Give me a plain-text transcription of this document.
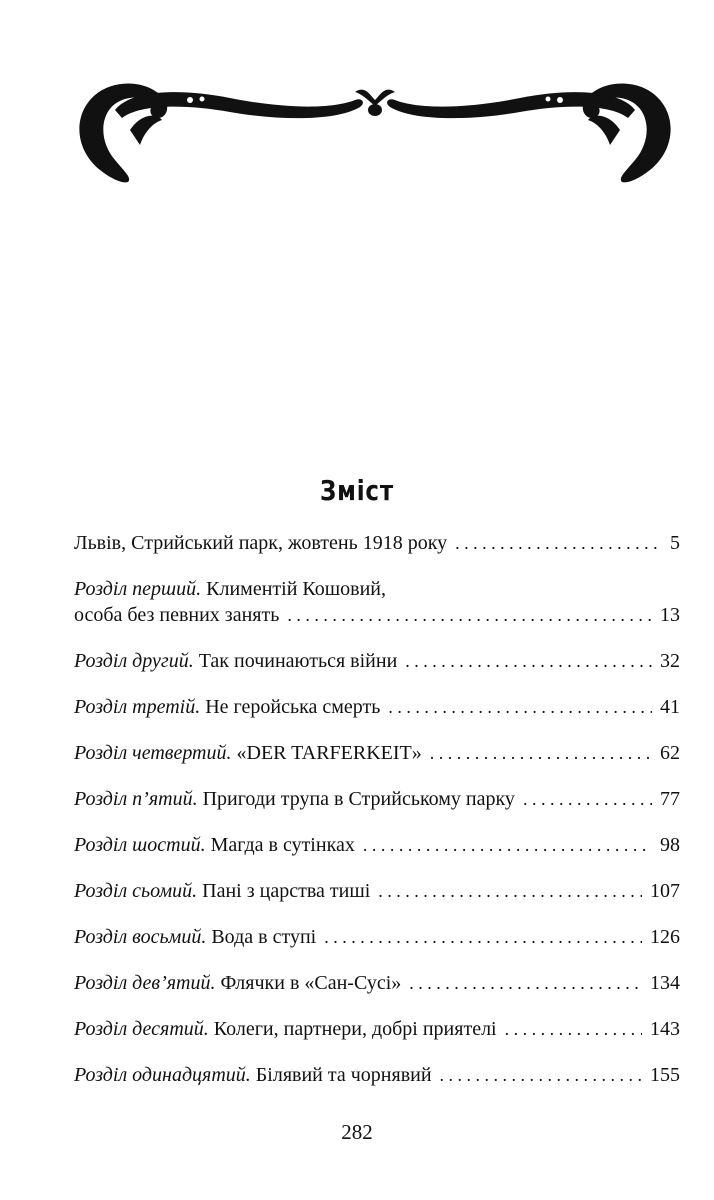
Зміст
Львів, Стрийський парк, жовтень 1918 року . . .	5
Розділ перший. Климентій Кошовий,
особа без певних занять . . .	13
Розділ другий. Так починаються війни . . .	32
Розділ третій. Не геройська смерть . . .	41
Розділ четвертий. «DER TARFERKEIT» . . .	62
Розділ п’ятий. Пригоди трупа в Стрийському парку . . .	77
Розділ шостий. Магда в сутінках . . .	98
Розділ сьомий. Пані з царства тиші . . .	107
Розділ восьмий. Вода в ступі . . .	126
Розділ дев’ятий. Флячки в «Сан-Сусі» . . .	134
Розділ десятий. Колеги, партнери, добрі приятелі . . .	143
Розділ одинадцятий. Білявий та чорнявий . . .	155
282
